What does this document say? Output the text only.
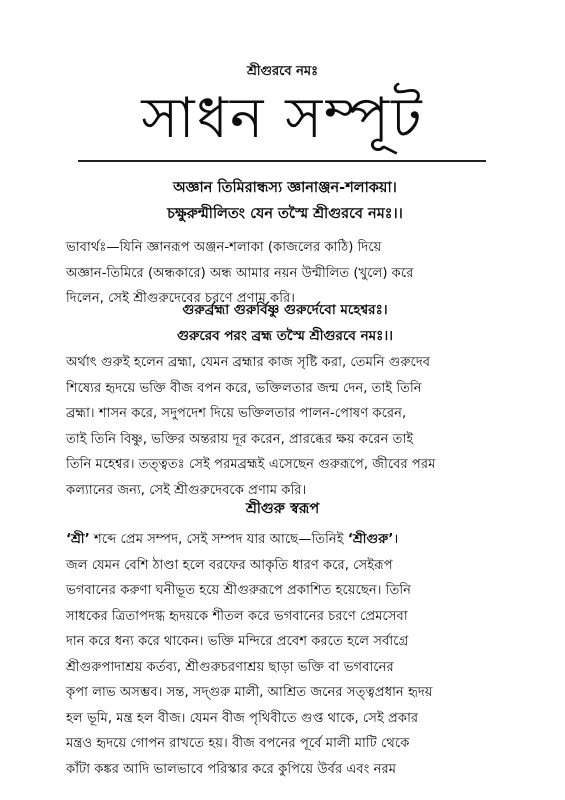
শ্রীগুরবে নমঃ
সাধন সম্পূট
অজ্ঞান তিমিরান্ধস্য জ্ঞানাঞ্জন-শলাকয়া।
চক্ষুরুন্মীলিতং যেন তস্মৈ শ্রীগুরবে নমঃ।।
ভাবার্থঃ—যিনি জ্ঞানরূপ অঞ্জন-শলাকা (কাজলের কাঠি) দিয়ে
অজ্ঞান-তিমিরে (অন্ধকারে) অন্ধ আমার নয়ন উন্মীলিত (খুলে) করে
দিলেন, সেই শ্রীগুরুদেবের চরণে প্রণাম করি।
গুরুর্ব্রহ্মা গুরুর্বিষ্ণু গুরুর্দেবো মহেশ্বরঃ।
গুরুরেব পরং ব্রহ্ম তস্মৈ শ্রীগুরবে নমঃ।।
অর্থাৎ গুরুই হলেন ব্রহ্মা, যেমন ব্রহ্মার কাজ সৃষ্টি করা, তেমনি গুরুদেব
শিষ্যের হৃদয়ে ভক্তি বীজ বপন করে, ভক্তিলতার জন্ম দেন, তাই তিনি
ব্রহ্মা। শাসন করে, সদুপদেশ দিয়ে ভক্তিলতার পালন-পোষণ করেন,
তাই তিনি বিষ্ণু, ভক্তির অন্তরায় দূর করেন, প্রারব্ধের ক্ষয় করেন তাই
তিনি মহেশ্বর। তত্ত্বতঃ সেই পরমব্রহ্মই এসেছেন গুরুরূপে, জীবের পরম
কল্যানের জন্য, সেই শ্রীগুরুদেবকে প্রণাম করি।
শ্রীগুরু স্বরূপ
‘শ্রী’ শব্দে প্রেম সম্পদ, সেই সম্পদ যার আছে—তিনিই ‘শ্রীগুরু’।
জল যেমন বেশি ঠাণ্ডা হলে বরফের আকৃতি ধারণ করে, সেইরূপ
ভগবানের করুণা ঘনীভূত হয়ে শ্রীগুরুরূপে প্রকাশিত হয়েছেন। তিনি
সাধকের ত্রিতাপদগ্ধ হৃদয়কে শীতল করে ভগবানের চরণে প্রেমসেবা
দান করে ধন্য করে থাকেন। ভক্তি মন্দিরে প্রবেশ করতে হলে সর্বাগ্রে
শ্রীগুরুপাদাশ্রয় কর্তব্য, শ্রীগুরুচরণাশ্রয় ছাড়া ভক্তি বা ভগবানের
কৃপা লাভ অসম্ভব। সন্ত, সদ্গুরু মালী, আশ্রিত জনের সত্ত্বপ্রধান হৃদয়
হল ভূমি, মন্ত্র হল বীজ। যেমন বীজ পৃথিবীতে গুপ্ত থাকে, সেই প্রকার
মন্ত্রও হৃদয়ে গোপন রাখতে হয়। বীজ বপনের পূর্বে মালী মাটি থেকে
কাঁটা কঙ্কর আদি ভালভাবে পরিস্কার করে কুপিয়ে উর্বর এবং নরম
